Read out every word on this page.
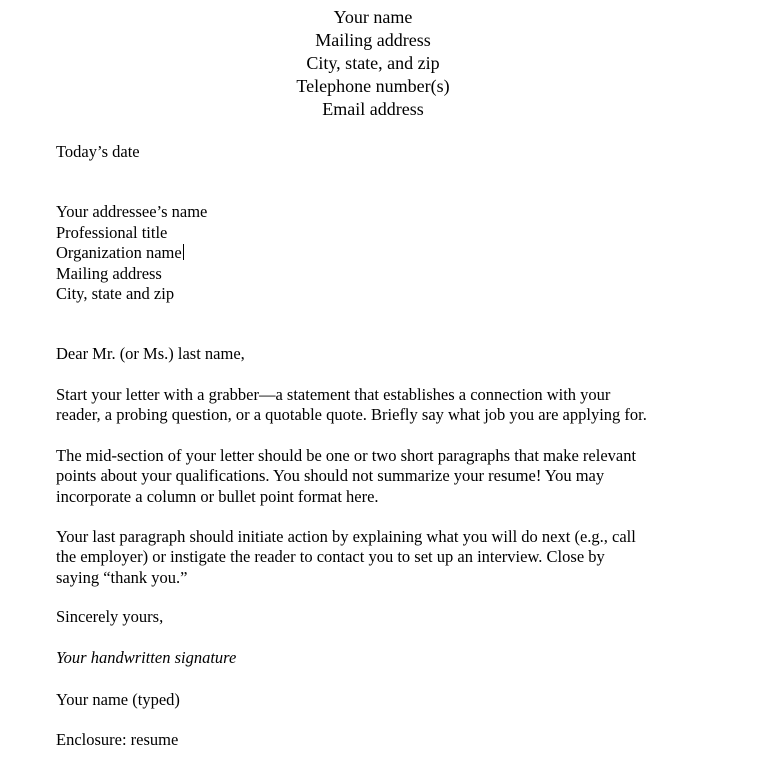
Your name
Mailing address
City, state, and zip
Telephone number(s)
Email address
Today’s date
Your addressee’s name
Professional title
Organization name
Mailing address
City, state and zip
Dear Mr. (or Ms.) last name,
Start your letter with a grabber—a statement that establishes a connection with your
reader, a probing question, or a quotable quote. Briefly say what job you are applying for.
The mid-section of your letter should be one or two short paragraphs that make relevant
points about your qualifications. You should not summarize your resume! You may
incorporate a column or bullet point format here.
Your last paragraph should initiate action by explaining what you will do next (e.g., call
the employer) or instigate the reader to contact you to set up an interview. Close by
saying “thank you.”
Sincerely yours,
Your handwritten signature
Your name (typed)
Enclosure: resume
